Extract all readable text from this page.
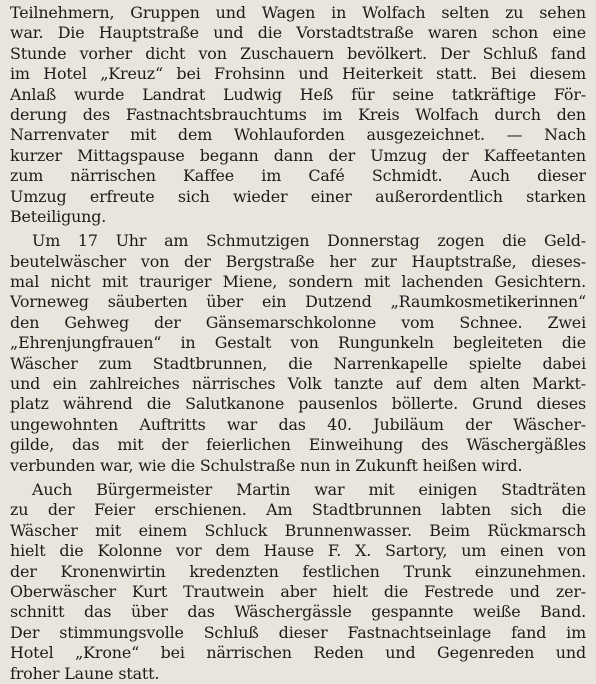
Teilnehmern, Gruppen und Wagen in Wolfach selten zu sehen
war. Die Hauptstraße und die Vorstadtstraße waren schon eine
Stunde vorher dicht von Zuschauern bevölkert. Der Schluß fand
im Hotel „Kreuz“ bei Frohsinn und Heiterkeit statt. Bei diesem
Anlaß wurde Landrat Ludwig Heß für seine tatkräftige För-
derung des Fastnachtsbrauchtums im Kreis Wolfach durch den
Narrenvater mit dem Wohlauforden ausgezeichnet. — Nach
kurzer Mittagspause begann dann der Umzug der Kaffeetanten
zum närrischen Kaffee im Café Schmidt. Auch dieser
Umzug erfreute sich wieder einer außerordentlich starken
Beteiligung.

Um 17 Uhr am Schmutzigen Donnerstag zogen die Geld-
beutelwäscher von der Bergstraße her zur Hauptstraße, dieses-
mal nicht mit trauriger Miene, sondern mit lachenden Gesichtern.
Vorneweg säuberten über ein Dutzend „Raumkosmetikerinnen“
den Gehweg der Gänsemarschkolonne vom Schnee. Zwei
„Ehrenjungfrauen“ in Gestalt von Rungunkeln begleiteten die
Wäscher zum Stadtbrunnen, die Narrenkapelle spielte dabei
und ein zahlreiches närrisches Volk tanzte auf dem alten Markt-
platz während die Salutkanone pausenlos böllerte. Grund dieses
ungewohnten Auftritts war das 40. Jubiläum der Wäscher-
gilde, das mit der feierlichen Einweihung des Wäschergäßles
verbunden war, wie die Schulstraße nun in Zukunft heißen wird.

Auch Bürgermeister Martin war mit einigen Stadträten
zu der Feier erschienen. Am Stadtbrunnen labten sich die
Wäscher mit einem Schluck Brunnenwasser. Beim Rückmarsch
hielt die Kolonne vor dem Hause F. X. Sartory, um einen von
der Kronenwirtin kredenzten festlichen Trunk einzunehmen.
Oberwäscher Kurt Trautwein aber hielt die Festrede und zer-
schnitt das über das Wäschergässle gespannte weiße Band.
Der stimmungsvolle Schluß dieser Fastnachtseinlage fand im
Hotel „Krone“ bei närrischen Reden und Gegenreden und
froher Laune statt.
